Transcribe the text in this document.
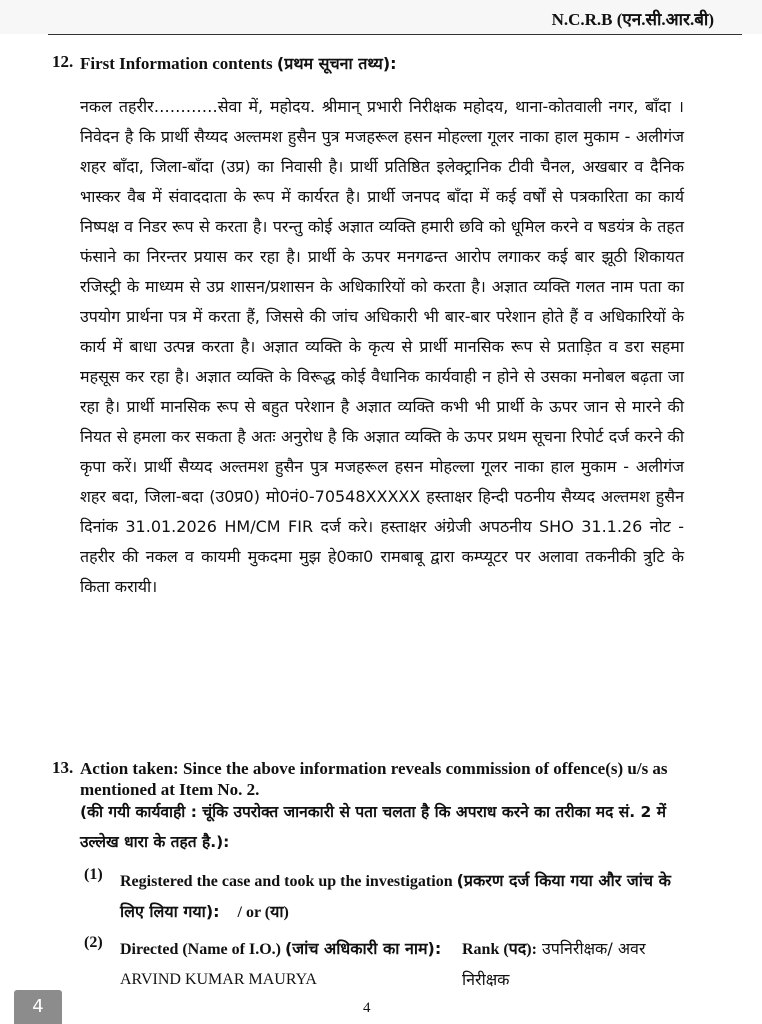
N.C.R.B (एन.सी.आर.बी)
12. First Information contents (प्रथम सूचना तथ्य):
नकल तहरीर…………सेवा में, महोदय. श्रीमान् प्रभारी निरीक्षक महोदय, थाना-कोतवाली नगर, बाँदा । निवेदन है कि प्रार्थी सैय्यद अल्तमश हुसैन पुत्र मजहरूल हसन मोहल्ला गूलर नाका हाल मुकाम - अलीगंज शहर बाँदा, जिला-बाँदा (उप्र) का निवासी है। प्रार्थी प्रतिष्ठित इलेक्ट्रानिक टीवी चैनल, अखबार व दैनिक भास्कर वैब में संवाददाता के रूप में कार्यरत है। प्रार्थी जनपद बाँदा में कई वर्षों से पत्रकारिता का कार्य निष्पक्ष व निडर रूप से करता है। परन्तु कोई अज्ञात व्यक्ति हमारी छवि को धूमिल करने व षडयंत्र के तहत फंसाने का निरन्तर प्रयास कर रहा है। प्रार्थी के ऊपर मनगढन्त आरोप लगाकर कई बार झूठी शिकायत रजिस्ट्री के माध्यम से उप्र शासन/प्रशासन के अधिकारियों को करता है। अज्ञात व्यक्ति गलत नाम पता का उपयोग प्रार्थना पत्र में करता हैं, जिससे की जांच अधिकारी भी बार-बार परेशान होते हैं व अधिकारियों के कार्य में बाधा उत्पन्न करता है। अज्ञात व्यक्ति के कृत्य से प्रार्थी मानसिक रूप से प्रताड़ित व डरा सहमा महसूस कर रहा है। अज्ञात व्यक्ति के विरूद्ध कोई वैधानिक कार्यवाही न होने से उसका मनोबल बढ़ता जा रहा है। प्रार्थी मानसिक रूप से बहुत परेशान है अज्ञात व्यक्ति कभी भी प्रार्थी के ऊपर जान से मारने की नियत से हमला कर सकता है अतः अनुरोध है कि अज्ञात व्यक्ति के ऊपर प्रथम सूचना रिपोर्ट दर्ज करने की कृपा करें। प्रार्थी सैय्यद अल्तमश हुसैन पुत्र मजहरूल हसन मोहल्ला गूलर नाका हाल मुकाम - अलीगंज शहर बदा, जिला-बदा (उ0प्र0) मो0नं0-70548XXXXX हस्ताक्षर हिन्दी पठनीय सैय्यद अल्तमश हुसैन दिनांक 31.01.2026 HM/CM FIR दर्ज करे। हस्ताक्षर अंग्रेजी अपठनीय SHO 31.1.26 नोट - तहरीर की नकल व कायमी मुकदमा मुझ हे0का0 रामबाबू द्वारा कम्प्यूटर पर अलावा तकनीकी त्रुटि के किता करायी।
13. Action taken: Since the above information reveals commission of offence(s) u/s as mentioned at Item No. 2.
(की गयी कार्यवाही : चूंकि उपरोक्त जानकारी से पता चलता है कि अपराध करने का तरीका मद सं. 2 में उल्लेख धारा के तहत है.):
(1) Registered the case and took up the investigation (प्रकरण दर्ज किया गया और जांच के लिए लिया गया): / or (या)
(2) Directed (Name of I.O.) (जांच अधिकारी का नाम): ARVIND KUMAR MAURYA
Rank (पद): उपनिरीक्षक/ अवर निरीक्षक
4	4
